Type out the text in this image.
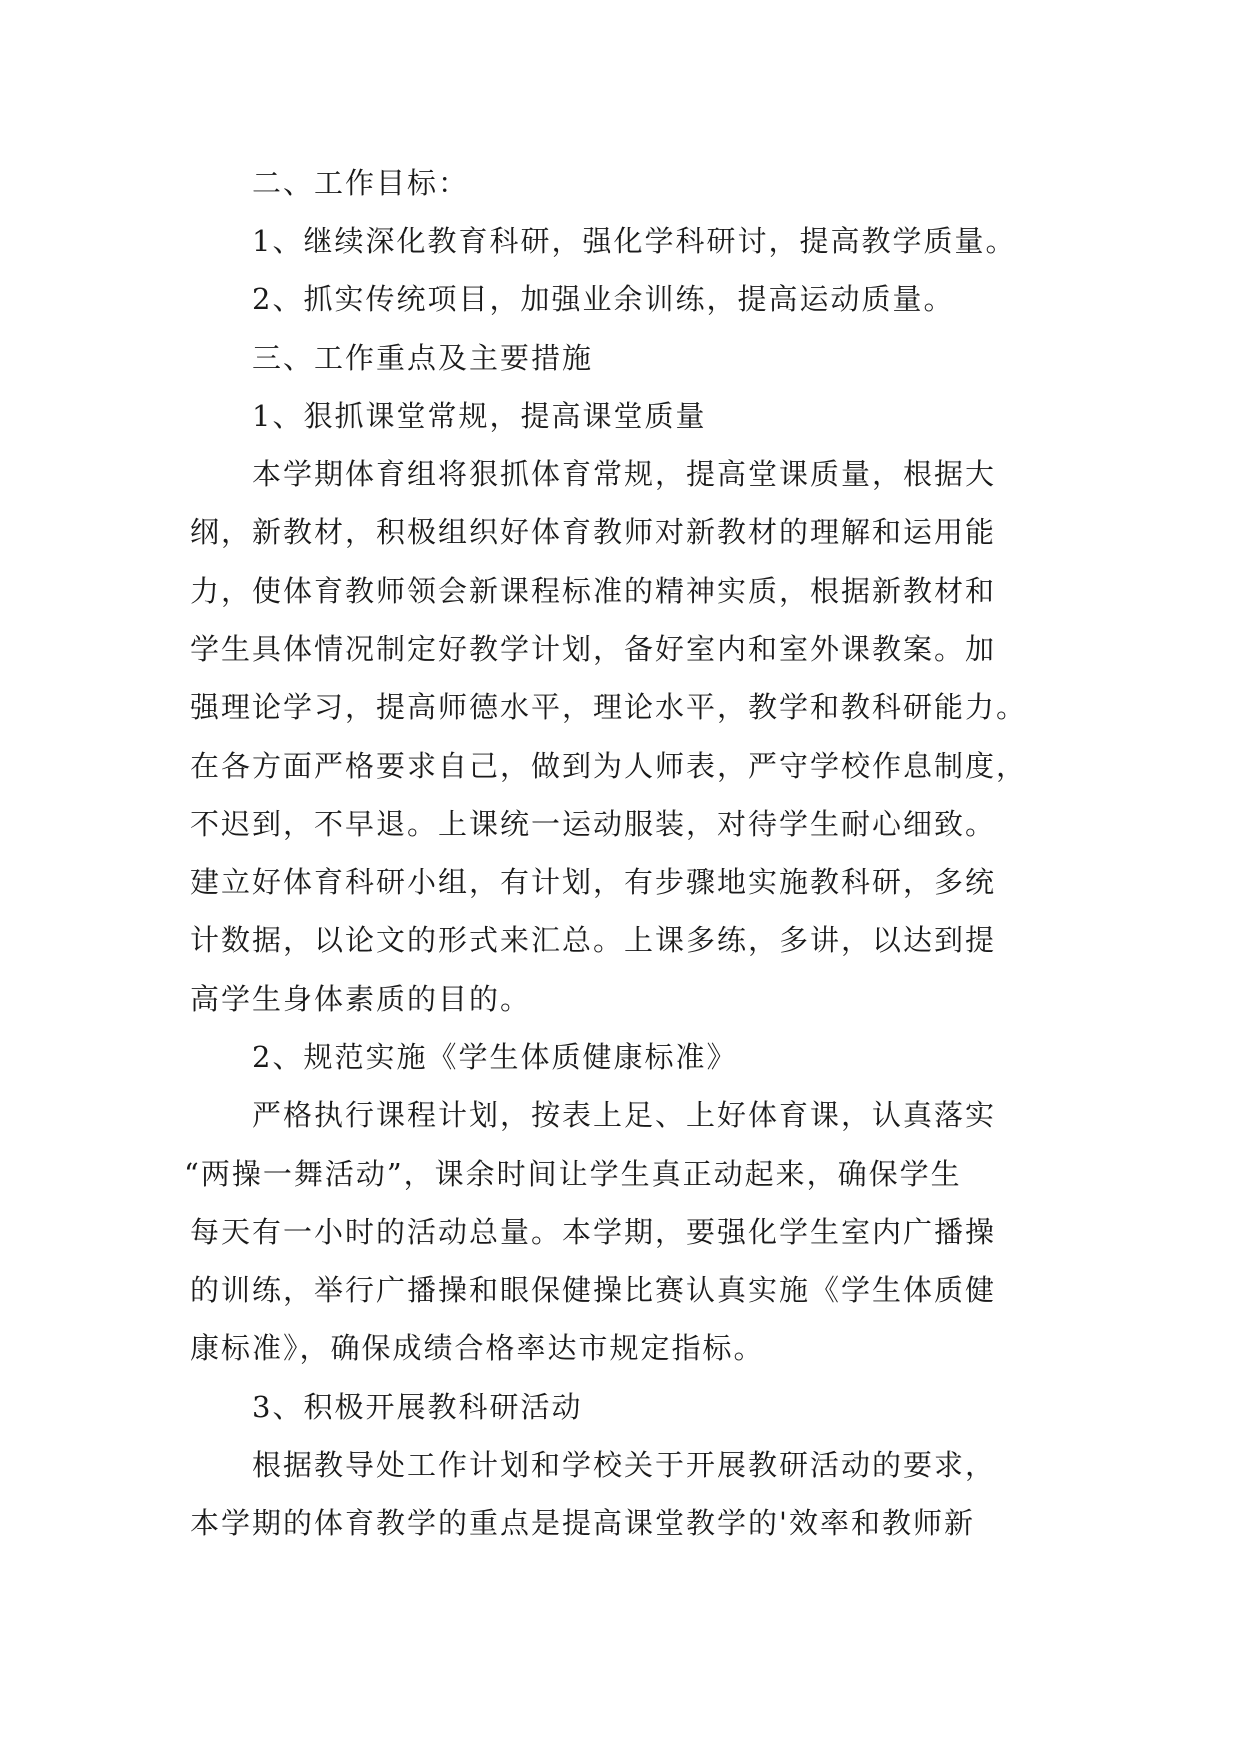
二、工作目标：
1、继续深化教育科研，强化学科研讨，提高教学质量。
2、抓实传统项目，加强业余训练，提高运动质量。
三、工作重点及主要措施
1、狠抓课堂常规，提高课堂质量
本学期体育组将狠抓体育常规，提高堂课质量，根据大
纲，新教材，积极组织好体育教师对新教材的理解和运用能
力，使体育教师领会新课程标准的精神实质，根据新教材和
学生具体情况制定好教学计划，备好室内和室外课教案。加
强理论学习，提高师德水平，理论水平，教学和教科研能力。
在各方面严格要求自己，做到为人师表，严守学校作息制度，
不迟到，不早退。上课统一运动服装，对待学生耐心细致。
建立好体育科研小组，有计划，有步骤地实施教科研，多统
计数据，以论文的形式来汇总。上课多练，多讲，以达到提
高学生身体素质的目的。
2、规范实施《学生体质健康标准》
严格执行课程计划，按表上足、上好体育课，认真落实
“两操一舞活动”，课余时间让学生真正动起来，确保学生
每天有一小时的活动总量。本学期，要强化学生室内广播操
的训练，举行广播操和眼保健操比赛认真实施《学生体质健
康标准》，确保成绩合格率达市规定指标。
3、积极开展教科研活动
根据教导处工作计划和学校关于开展教研活动的要求，
本学期的体育教学的重点是提高课堂教学的'效率和教师新
